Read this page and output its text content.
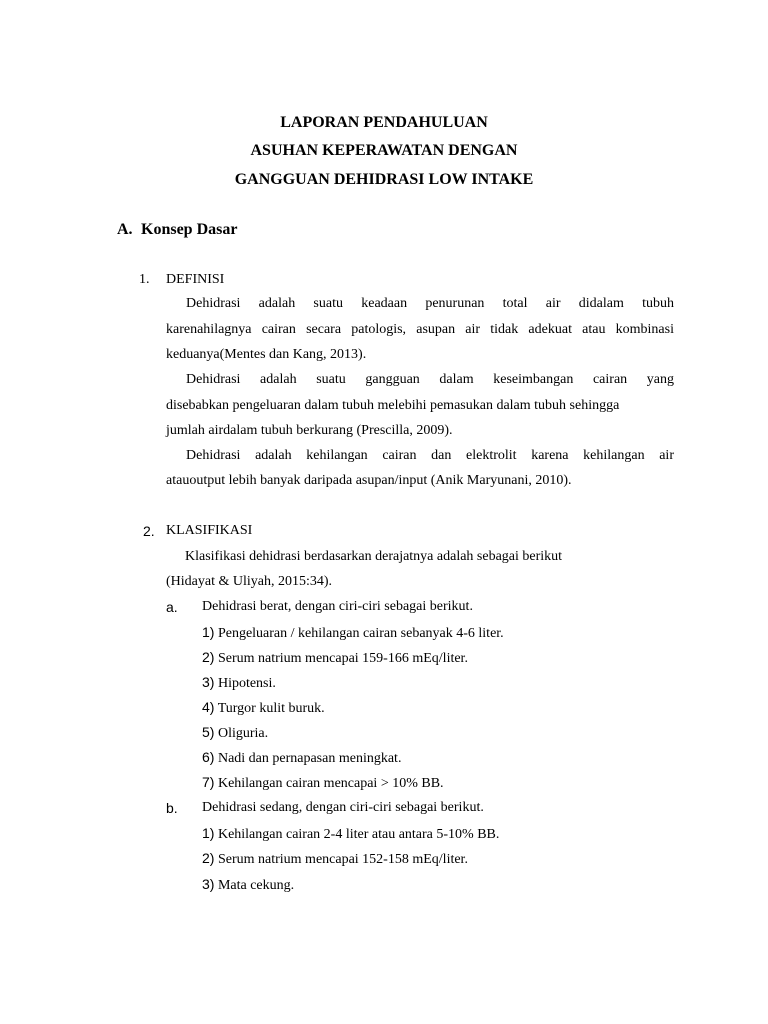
LAPORAN PENDAHULUAN
ASUHAN KEPERAWATAN DENGAN
GANGGUAN DEHIDRASI LOW INTAKE
A. Konsep Dasar
1. DEFINISI
Dehidrasi adalah suatu keadaan penurunan total air didalam tubuh
karenahilagnya cairan secara patologis, asupan air tidak adekuat atau kombinasi
keduanya(Mentes dan Kang, 2013).
Dehidrasi adalah suatu gangguan dalam keseimbangan cairan yang
disebabkan pengeluaran dalam tubuh melebihi pemasukan dalam tubuh sehingga
jumlah airdalam tubuh berkurang (Prescilla, 2009).
Dehidrasi adalah kehilangan cairan dan elektrolit karena kehilangan air
atauoutput lebih banyak daripada asupan/input (Anik Maryunani, 2010).
2. KLASIFIKASI
Klasifikasi dehidrasi berdasarkan derajatnya adalah sebagai berikut
(Hidayat & Uliyah, 2015:34).
a. Dehidrasi berat, dengan ciri-ciri sebagai berikut.
1) Pengeluaran / kehilangan cairan sebanyak 4-6 liter.
2) Serum natrium mencapai 159-166 mEq/liter.
3) Hipotensi.
4) Turgor kulit buruk.
5) Oliguria.
6) Nadi dan pernapasan meningkat.
7) Kehilangan cairan mencapai > 10% BB.
b. Dehidrasi sedang, dengan ciri-ciri sebagai berikut.
1) Kehilangan cairan 2-4 liter atau antara 5-10% BB.
2) Serum natrium mencapai 152-158 mEq/liter.
3) Mata cekung.
